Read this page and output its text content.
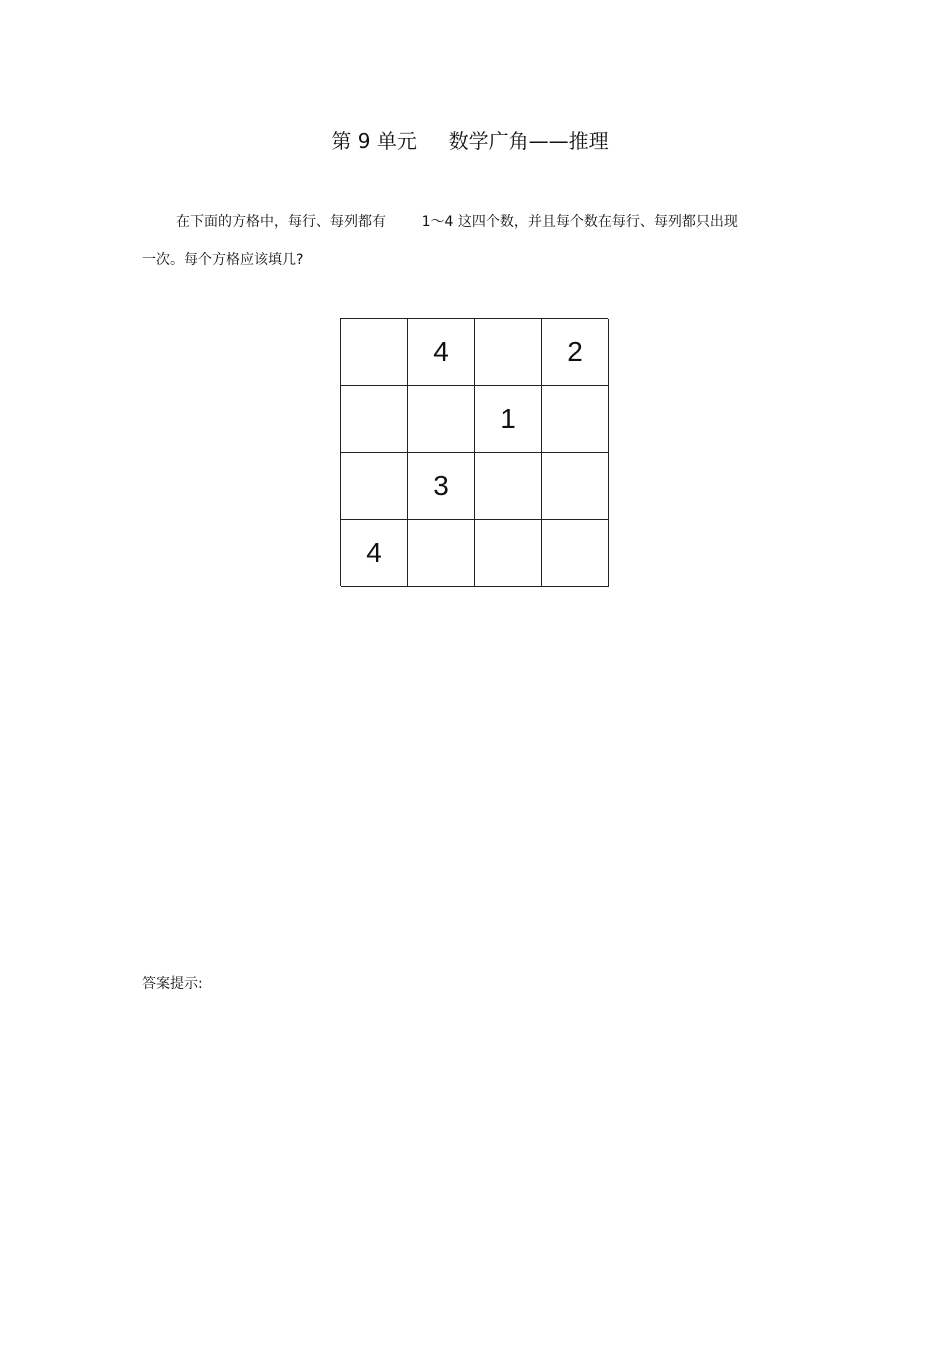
第 9 单元     数学广角——推理
在下面的方格中，每行、每列都有        1～4 这四个数，并且每个数在每行、每列都只出现
一次。每个方格应该填几?
4	2
1
3
4
答案提示:
